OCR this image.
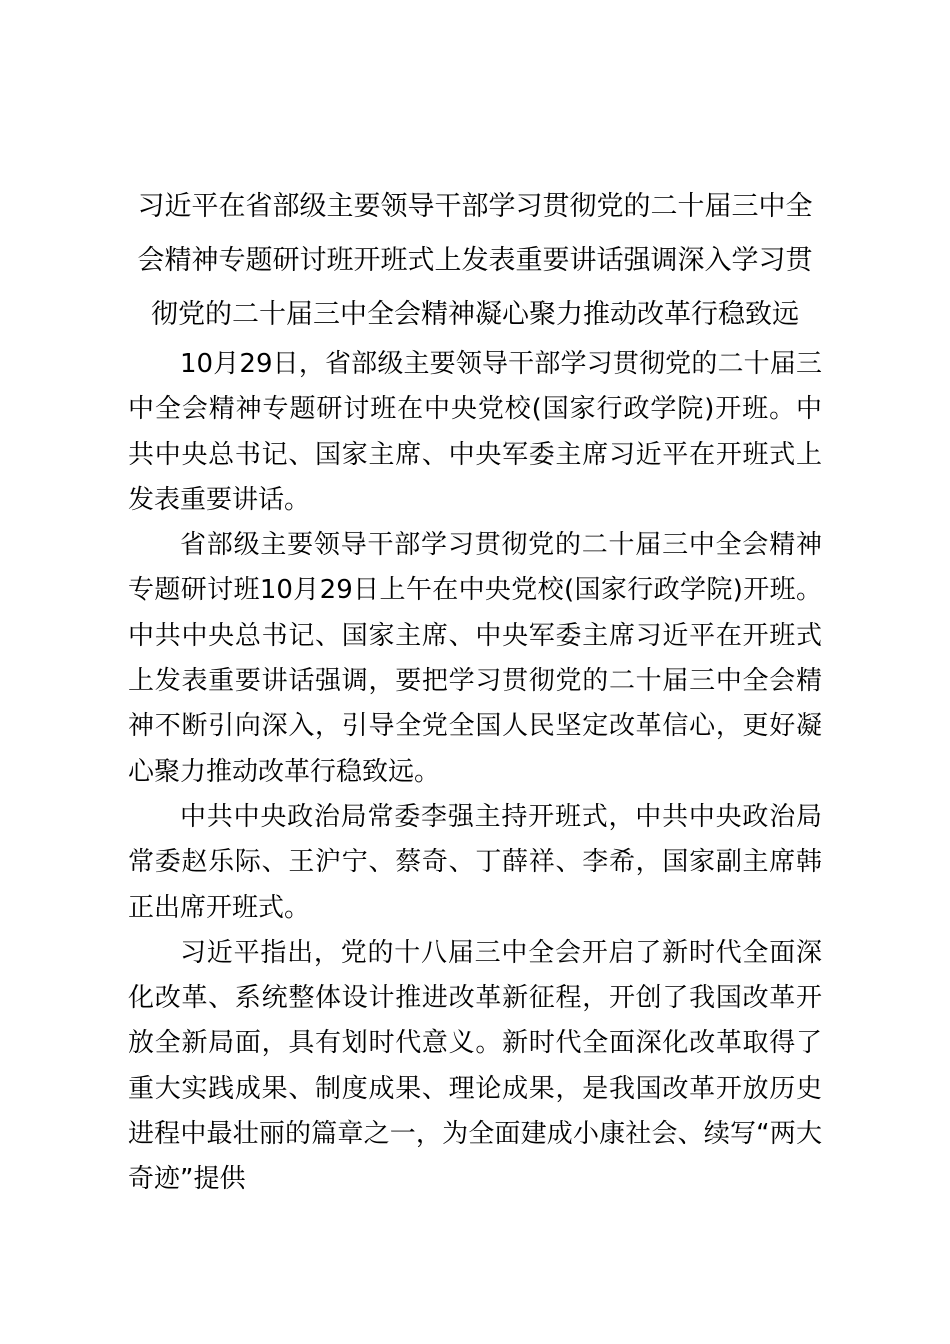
习近平在省部级主要领导干部学习贯彻党的二十届三中全会精神专题研讨班开班式上发表重要讲话强调深入学习贯彻党的二十届三中全会精神凝心聚力推动改革行稳致远

10月29日，省部级主要领导干部学习贯彻党的二十届三中全会精神专题研讨班在中央党校(国家行政学院)开班。中共中央总书记、国家主席、中央军委主席习近平在开班式上发表重要讲话。

省部级主要领导干部学习贯彻党的二十届三中全会精神专题研讨班10月29日上午在中央党校(国家行政学院)开班。中共中央总书记、国家主席、中央军委主席习近平在开班式上发表重要讲话强调，要把学习贯彻党的二十届三中全会精神不断引向深入，引导全党全国人民坚定改革信心，更好凝心聚力推动改革行稳致远。

中共中央政治局常委李强主持开班式，中共中央政治局常委赵乐际、王沪宁、蔡奇、丁薛祥、李希，国家副主席韩正出席开班式。

习近平指出，党的十八届三中全会开启了新时代全面深化改革、系统整体设计推进改革新征程，开创了我国改革开放全新局面，具有划时代意义。新时代全面深化改革取得了重大实践成果、制度成果、理论成果，是我国改革开放历史进程中最壮丽的篇章之一，为全面建成小康社会、续写“两大奇迹”提供
